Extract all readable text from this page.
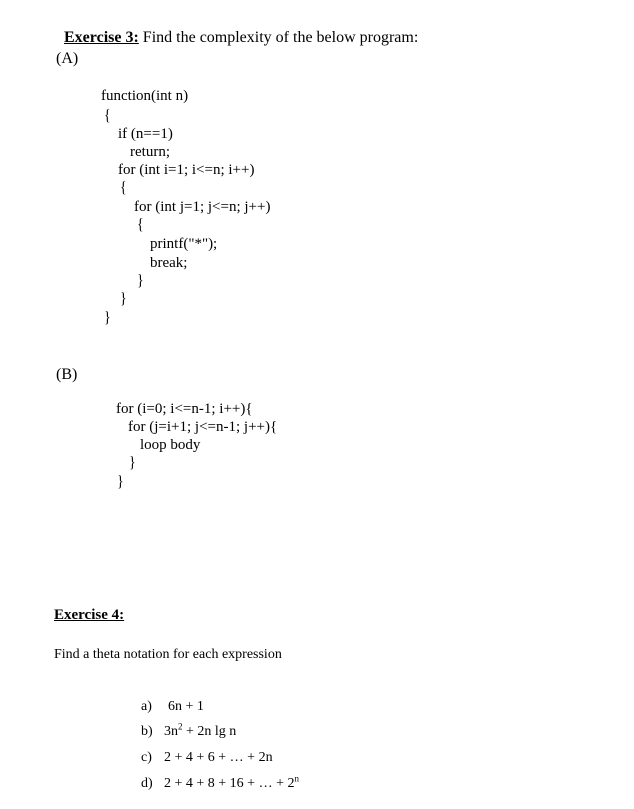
Exercise 3: Find the complexity of the below program:

(A)
function(int n)
{
if (n==1)
return;
for (int i=1; i<=n; i++)
{
for (int j=1; j<=n; j++)
{
printf("*");
break;
}
}
}
(B)
for (i=0; i<=n-1; i++){
for (j=i+1; j<=n-1; j++){
loop body
}
}
Exercise 4:
Find a theta notation for each expression

a)
	6n + 1

b)
$3n^2 + 2n$ lg n

c)
2 + 4 + 6 + … + 2n

d)
2 + 4 + 8 + 16 + … + $2^n$
